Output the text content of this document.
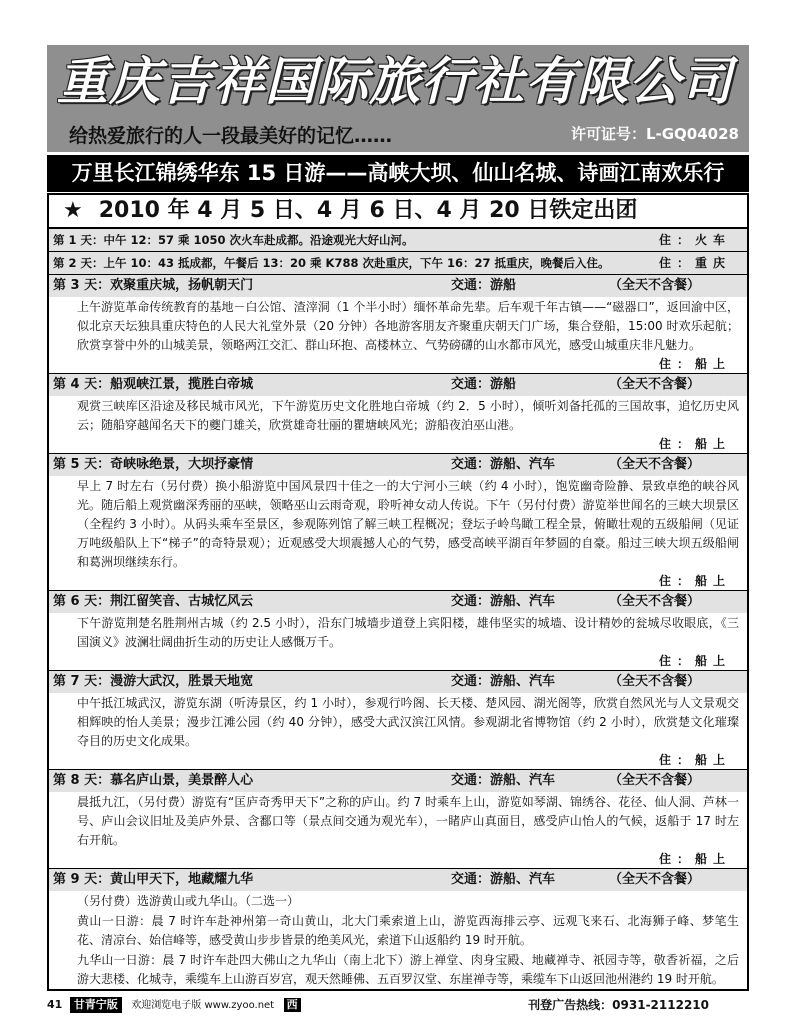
重庆吉祥国际旅行社有限公司
给热爱旅行的人一段最美好的记忆……	许可证号：L-GQ04028
万里长江锦绣华东 15 日游——高峡大坝、仙山名城、诗画江南欢乐行
★ 2010 年 4 月 5 日、4 月 6 日、4 月 20 日铁定出团
第 1 天：中午 12：57 乘 1050 次火车赴成都。沿途观光大好山河。	住：火车
第 2 天：上午 10：43 抵成都，午餐后 13：20 乘 K788 次赴重庆，下午 16：27 抵重庆，晚餐后入住。	住：重庆
第 3 天：欢聚重庆城，扬帆朝天门	交通：游船	（全天不含餐）
上午游览革命传统教育的基地－白公馆、渣滓洞（1 个半小时）缅怀革命先辈。后车观千年古镇——“磁器口”，返回渝中区，似北京天坛独具重庆特色的人民大礼堂外景（20 分钟）各地游客朋友齐聚重庆朝天门广场，集合登船，15:00 时欢乐起航；欣赏享誉中外的山城美景，领略两江交汇、群山环抱、高楼林立、气势磅礴的山水都市风光，感受山城重庆非凡魅力。
住：船上
第 4 天：船观峡江景，揽胜白帝城	交通：游船	（全天不含餐）
观赏三峡库区沿途及移民城市风光，下午游览历史文化胜地白帝城（约 2．5 小时），倾听刘备托孤的三国故事，追忆历史风云；随船穿越闻名天下的夔门雄关，欣赏雄奇壮丽的瞿塘峡风光；游船夜泊巫山港。
住：船上
第 5 天：奇峡咏绝景，大坝抒豪情	交通：游船、汽车	（全天不含餐）
早上 7 时左右（另付费）换小船游览中国风景四十佳之一的大宁河小三峡（约 4 小时），饱览幽奇险静、景致卓绝的峡谷风光。随后船上观赏幽深秀丽的巫峡，领略巫山云雨奇观，聆听神女动人传说。下午（另付付费）游览举世闻名的三峡大坝景区（全程约 3 小时）。从码头乘车至景区，参观陈列馆了解三峡工程概况；登坛子岭鸟瞰工程全景，俯瞰壮观的五级船闸（见证万吨级船队上下“梯子”的奇特景观）；近观感受大坝震撼人心的气势，感受高峡平湖百年梦圆的自豪。船过三峡大坝五级船闸和葛洲坝继续东行。
住：船上
第 6 天：荆江留笑音、古城忆风云	交通：游船、汽车	（全天不含餐）
下午游览荆楚名胜荆州古城（约 2.5 小时），沿东门城墙步道登上宾阳楼，雄伟坚实的城墙、设计精妙的瓮城尽收眼底，《三国演义》波澜壮阔曲折生动的历史让人感慨万千。
住：船上
第 7 天：漫游大武汉，胜景天地宽	交通：游船、汽车	（全天不含餐）
中午抵江城武汉，游览东湖（听涛景区，约 1 小时），参观行吟阁、长天楼、楚风园、湖光阁等，欣赏自然风光与人文景观交相辉映的怡人美景；漫步江滩公园（约 40 分钟），感受大武汉滨江风情。参观湖北省博物馆（约 2 小时），欣赏楚文化璀璨夺目的历史文化成果。
住：船上
第 8 天：慕名庐山景，美景醉人心	交通：游船、汽车	（全天不含餐）
晨抵九江，（另付费）游览有“匡庐奇秀甲天下”之称的庐山。约 7 时乘车上山，游览如琴湖、锦绣谷、花径、仙人洞、芦林一号、庐山会议旧址及美庐外景、含鄱口等（景点间交通为观光车），一睹庐山真面目，感受庐山怡人的气候，返船于 17 时左右开航。
住：船上
第 9 天：黄山甲天下，地藏耀九华	交通：游船、汽车	（全天不含餐）
（另付费）选游黄山或九华山。（二选一）
黄山一日游：晨 7 时许车赴神州第一奇山黄山，北大门乘索道上山，游览西海排云亭、远观飞来石、北海狮子峰、梦笔生花、清凉台、始信峰等，感受黄山步步皆景的绝美风光，索道下山返船约 19 时开航。
九华山一日游：晨 7 时许车赴四大佛山之九华山（南上北下）游上禅堂、肉身宝殿、地藏禅寺、祇园寺等，敬香祈福，之后游大悲楼、化城寺，乘缆车上山游百岁宫，观天然睡佛、五百罗汉堂、东崖禅寺等，乘缆车下山返回池州港约 19 时开航。
41 甘青宁版 欢迎浏览电子版 www.zyoo.net 西	刊登广告热线：0931-2112210
